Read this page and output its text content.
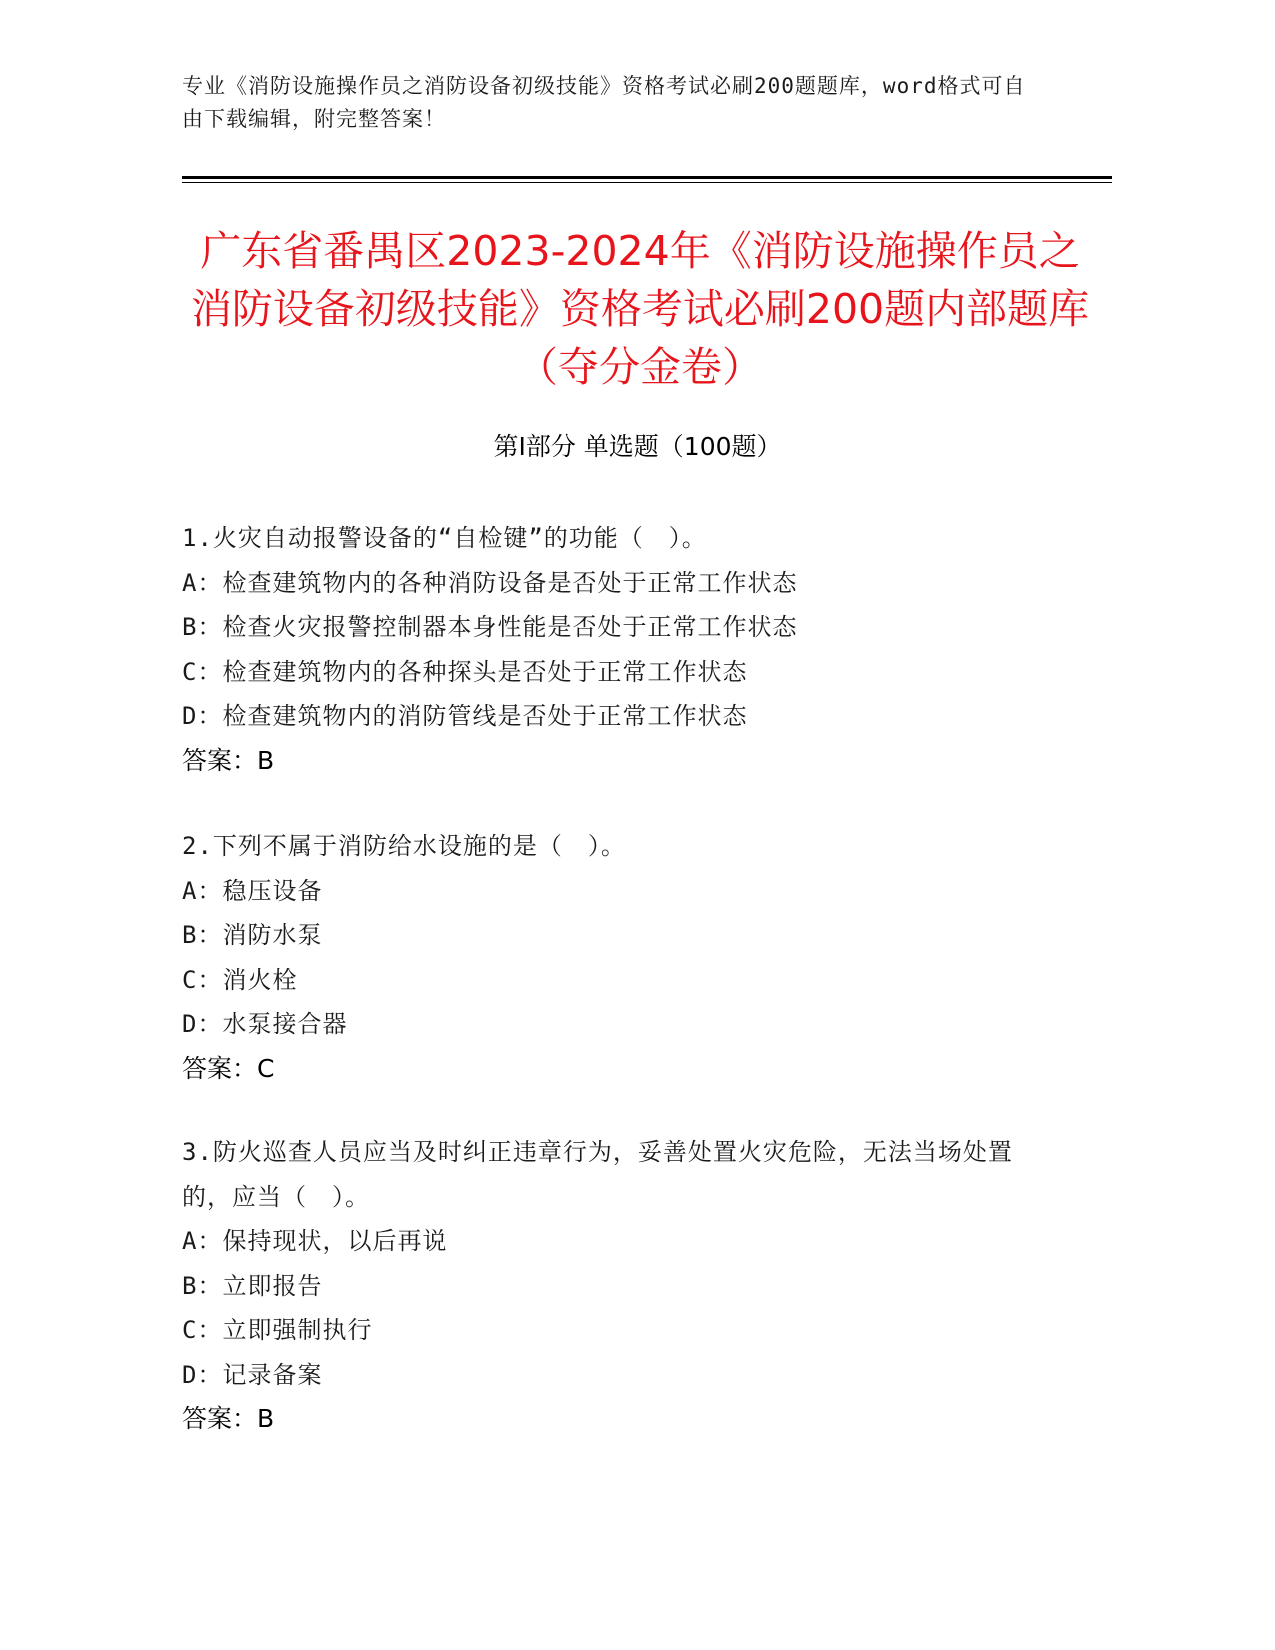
专业《消防设施操作员之消防设备初级技能》资格考试必刷200题题库，word格式可自由下载编辑，附完整答案！
广东省番禺区2023-2024年《消防设施操作员之消防设备初级技能》资格考试必刷200题内部题库（夺分金卷）
第Ⅰ部分 单选题（100题）

1.火灾自动报警设备的“自检键”的功能（　）。

A：检查建筑物内的各种消防设备是否处于正常工作状态

B：检查火灾报警控制器本身性能是否处于正常工作状态

C：检查建筑物内的各种探头是否处于正常工作状态

D：检查建筑物内的消防管线是否处于正常工作状态

答案：B

2.下列不属于消防给水设施的是（　）。

A：稳压设备

B：消防水泵

C：消火栓

D：水泵接合器

答案：C

3.防火巡查人员应当及时纠正违章行为，妥善处置火灾危险，无法当场处置的，应当（　）。

A：保持现状，以后再说

B：立即报告

C：立即强制执行

D：记录备案

答案：B
